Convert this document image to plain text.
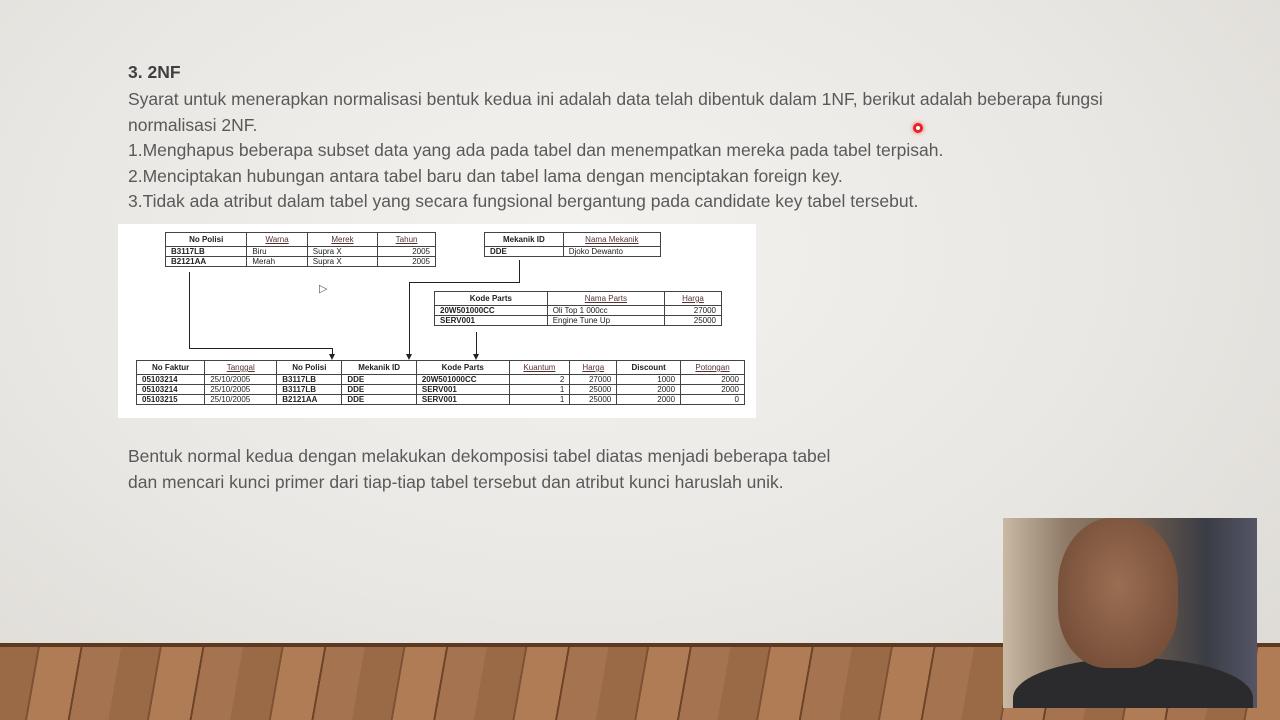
3. 2NF
Syarat untuk menerapkan normalisasi bentuk kedua ini adalah data telah dibentuk dalam 1NF, berikut adalah beberapa fungsi normalisasi 2NF.
1.Menghapus beberapa subset data yang ada pada tabel dan menempatkan mereka pada tabel terpisah.
2.Menciptakan hubungan antara tabel baru dan tabel lama dengan menciptakan foreign key.
3.Tidak ada atribut dalam tabel yang secara fungsional bergantung pada candidate key tabel tersebut.
No Polisi	Warna	Merek	Tahun
B3117LB	Biru	Supra X	2005
B2121AA	Merah	Supra X	2005
Mekanik ID	Nama Mekanik
DDE	Djoko Dewanto
Kode Parts	Nama Parts	Harga
20W501000CC	Oli Top 1 000cc	27000
SERV001	Engine Tune Up	25000
No Faktur	Tanggal	No Polisi	Mekanik ID	Kode Parts	Kuantum	Harga	Discount	Potongan
05103214	25/10/2005	B3117LB	DDE	20W501000CC	2	27000	1000	2000
05103214	25/10/2005	B3117LB	DDE	SERV001	1	25000	2000	2000
05103215	25/10/2005	B2121AA	DDE	SERV001	1	25000	2000	0
▷
Bentuk normal kedua dengan melakukan dekomposisi tabel diatas menjadi beberapa tabel dan mencari kunci primer dari tiap-tiap tabel tersebut dan atribut kunci haruslah unik.
